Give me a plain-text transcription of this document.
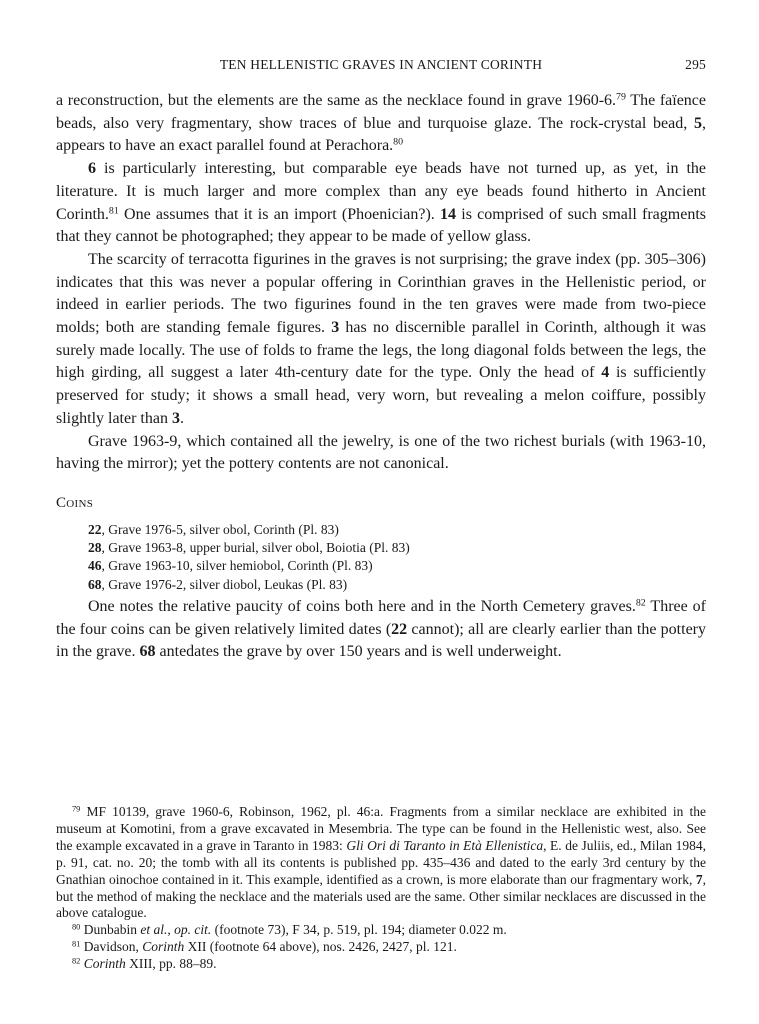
TEN HELLENISTIC GRAVES IN ANCIENT CORINTH	295

a reconstruction, but the elements are the same as the necklace found in grave 1960-6.79 The faïence beads, also very fragmentary, show traces of blue and turquoise glaze. The rock-crystal bead, 5, appears to have an exact parallel found at Perachora.$^{80}$

6 is particularly interesting, but comparable eye beads have not turned up, as yet, in the literature. It is much larger and more complex than any eye beads found hitherto in Ancient Corinth.$^{81}$ One assumes that it is an import (Phoenician?). 14 is comprised of such small fragments that they cannot be photographed; they appear to be made of yellow glass.

The scarcity of terracotta figurines in the graves is not surprising; the grave index (pp. 305–306) indicates that this was never a popular offering in Corinthian graves in the Hellenistic period, or indeed in earlier periods. The two figurines found in the ten graves were made from two-piece molds; both are standing female figures. 3 has no discernible parallel in Corinth, although it was surely made locally. The use of folds to frame the legs, the long diagonal folds between the legs, the high girding, all suggest a later 4th-century date for the type. Only the head of 4 is sufficiently preserved for study; it shows a small head, very worn, but revealing a melon coiffure, possibly slightly later than 3.

Grave 1963-9, which contained all the jewelry, is one of the two richest burials (with 1963-10, having the mirror); yet the pottery contents are not canonical.

Coins
22, Grave 1976-5, silver obol, Corinth (Pl. 83)
28, Grave 1963-8, upper burial, silver obol, Boiotia (Pl. 83)
46, Grave 1963-10, silver hemiobol, Corinth (Pl. 83)
68, Grave 1976-2, silver diobol, Leukas (Pl. 83)

One notes the relative paucity of coins both here and in the North Cemetery graves.$^{82}$ Three of the four coins can be given relatively limited dates (22 cannot); all are clearly earlier than the pottery in the grave. 68 antedates the grave by over 150 years and is well underweight.

$^{79}$ MF 10139, grave 1960-6, Robinson, 1962, pl. 46:a. Fragments from a similar necklace are exhibited in the museum at Komotini, from a grave excavated in Mesembria. The type can be found in the Hellenistic west, also. See the example excavated in a grave in Taranto in 1983: Gli Ori di Taranto in Età Ellenistica, E. de Juliis, ed., Milan 1984, p. 91, cat. no. 20; the tomb with all its contents is published pp. 435–436 and dated to the early 3rd century by the Gnathian oinochoe contained in it. This example, identified as a crown, is more elaborate than our fragmentary work, 7, but the method of making the necklace and the materials used are the same. Other similar necklaces are discussed in the above catalogue.

$^{80}$ Dunbabin et al., op. cit. (footnote 73), F 34, p. 519, pl. 194; diameter 0.022 m.

$^{81}$ Davidson, Corinth XII (footnote 64 above), nos. 2426, 2427, pl. 121.

$^{82}$ Corinth XIII, pp. 88–89.
